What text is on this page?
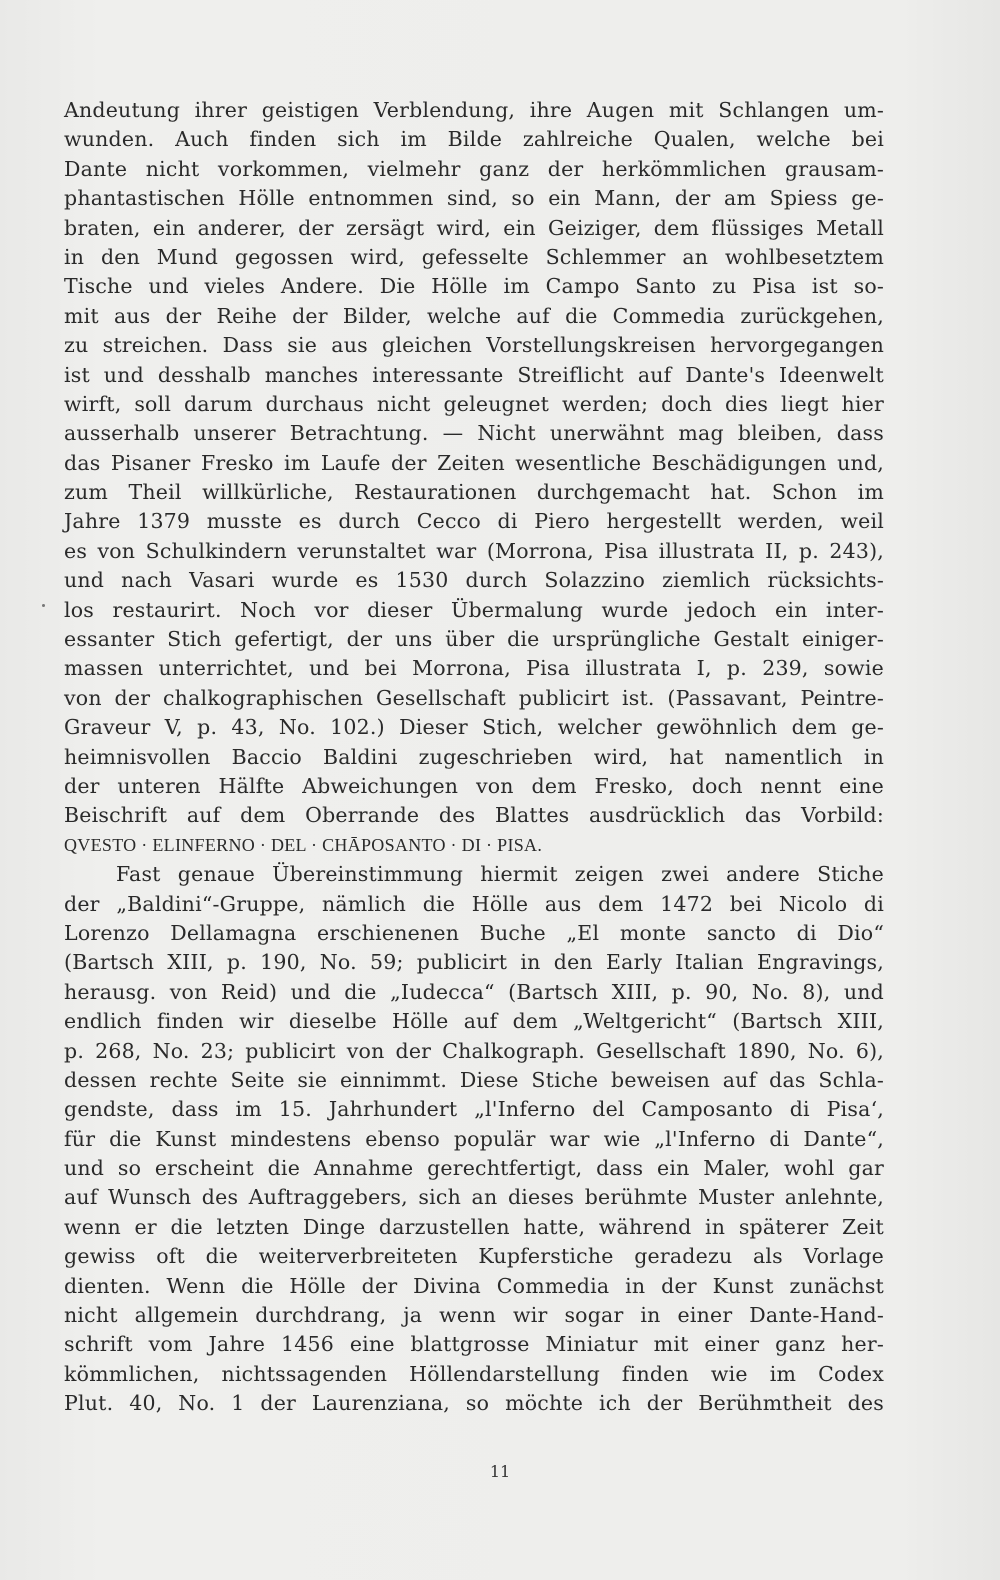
Andeutung ihrer geistigen Verblendung, ihre Augen mit Schlangen um-
wunden. Auch finden sich im Bilde zahlreiche Qualen, welche bei
Dante nicht vorkommen, vielmehr ganz der herkömmlichen grausam-
phantastischen Hölle entnommen sind, so ein Mann, der am Spiess ge-
braten, ein anderer, der zersägt wird, ein Geiziger, dem flüssiges Metall
in den Mund gegossen wird, gefesselte Schlemmer an wohlbesetztem
Tische und vieles Andere. Die Hölle im Campo Santo zu Pisa ist so-
mit aus der Reihe der Bilder, welche auf die Commedia zurückgehen,
zu streichen. Dass sie aus gleichen Vorstellungskreisen hervorgegangen
ist und desshalb manches interessante Streiflicht auf Dante's Ideenwelt
wirft, soll darum durchaus nicht geleugnet werden; doch dies liegt hier
ausserhalb unserer Betrachtung. — Nicht unerwähnt mag bleiben, dass
das Pisaner Fresko im Laufe der Zeiten wesentliche Beschädigungen und,
zum Theil willkürliche, Restaurationen durchgemacht hat. Schon im
Jahre 1379 musste es durch Cecco di Piero hergestellt werden, weil
es von Schulkindern verunstaltet war (Morrona, Pisa illustrata II, p. 243),
und nach Vasari wurde es 1530 durch Solazzino ziemlich rücksichts-
los restaurirt. Noch vor dieser Übermalung wurde jedoch ein inter-
essanter Stich gefertigt, der uns über die ursprüngliche Gestalt einiger-
massen unterrichtet, und bei Morrona, Pisa illustrata I, p. 239, sowie
von der chalkographischen Gesellschaft publicirt ist. (Passavant, Peintre-
Graveur V, p. 43, No. 102.) Dieser Stich, welcher gewöhnlich dem ge-
heimnisvollen Baccio Baldini zugeschrieben wird, hat namentlich in
der unteren Hälfte Abweichungen von dem Fresko, doch nennt eine
Beischrift auf dem Oberrande des Blattes ausdrücklich das Vorbild:
QVESTO · ELINFERNO · DEL · CHĀPOSANTO · DI · PISA.
Fast genaue Übereinstimmung hiermit zeigen zwei andere Stiche
der „Baldini“-Gruppe, nämlich die Hölle aus dem 1472 bei Nicolo di
Lorenzo Dellamagna erschienenen Buche „El monte sancto di Dio“
(Bartsch XIII, p. 190, No. 59; publicirt in den Early Italian Engravings,
herausg. von Reid) und die „Iudecca“ (Bartsch XIII, p. 90, No. 8), und
endlich finden wir dieselbe Hölle auf dem „Weltgericht“ (Bartsch XIII,
p. 268, No. 23; publicirt von der Chalkograph. Gesellschaft 1890, No. 6),
dessen rechte Seite sie einnimmt. Diese Stiche beweisen auf das Schla-
gendste, dass im 15. Jahrhundert „l'Inferno del Camposanto di Pisa‘,
für die Kunst mindestens ebenso populär war wie „l'Inferno di Dante“,
und so erscheint die Annahme gerechtfertigt, dass ein Maler, wohl gar
auf Wunsch des Auftraggebers, sich an dieses berühmte Muster anlehnte,
wenn er die letzten Dinge darzustellen hatte, während in späterer Zeit
gewiss oft die weiterverbreiteten Kupferstiche geradezu als Vorlage
dienten. Wenn die Hölle der Divina Commedia in der Kunst zunächst
nicht allgemein durchdrang, ja wenn wir sogar in einer Dante-Hand-
schrift vom Jahre 1456 eine blattgrosse Miniatur mit einer ganz her-
kömmlichen, nichtssagenden Höllendarstellung finden wie im Codex
Plut. 40, No. 1 der Laurenziana, so möchte ich der Berühmtheit des
11
